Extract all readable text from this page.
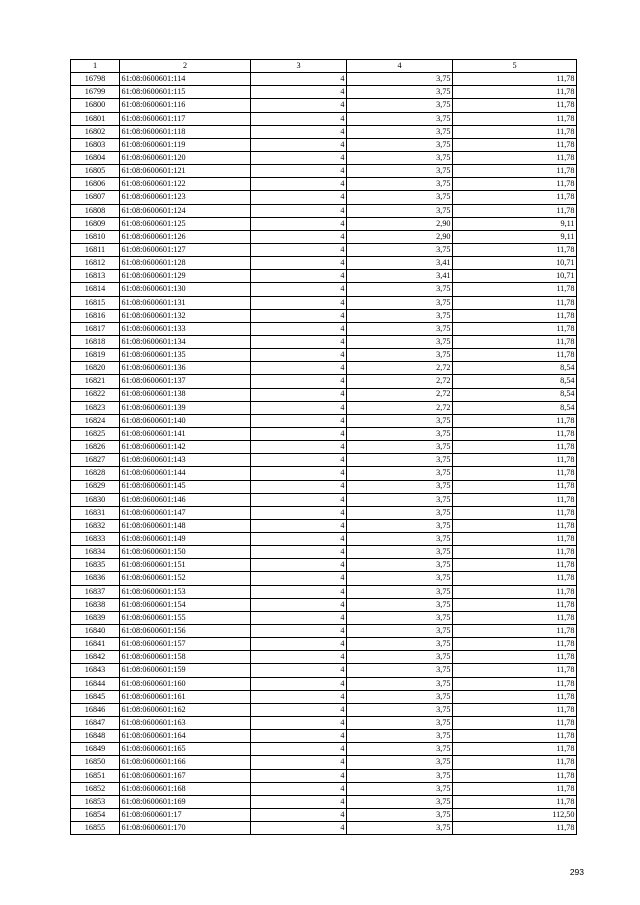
1	2	3	4	5
16798	61:08:0600601:114	4	3,75	11,78
16799	61:08:0600601:115	4	3,75	11,78
16800	61:08:0600601:116	4	3,75	11,78
16801	61:08:0600601:117	4	3,75	11,78
16802	61:08:0600601:118	4	3,75	11,78
16803	61:08:0600601:119	4	3,75	11,78
16804	61:08:0600601:120	4	3,75	11,78
16805	61:08:0600601:121	4	3,75	11,78
16806	61:08:0600601:122	4	3,75	11,78
16807	61:08:0600601:123	4	3,75	11,78
16808	61:08:0600601:124	4	3,75	11,78
16809	61:08:0600601:125	4	2,90	9,11
16810	61:08:0600601:126	4	2,90	9,11
16811	61:08:0600601:127	4	3,75	11,78
16812	61:08:0600601:128	4	3,41	10,71
16813	61:08:0600601:129	4	3,41	10,71
16814	61:08:0600601:130	4	3,75	11,78
16815	61:08:0600601:131	4	3,75	11,78
16816	61:08:0600601:132	4	3,75	11,78
16817	61:08:0600601:133	4	3,75	11,78
16818	61:08:0600601:134	4	3,75	11,78
16819	61:08:0600601:135	4	3,75	11,78
16820	61:08:0600601:136	4	2,72	8,54
16821	61:08:0600601:137	4	2,72	8,54
16822	61:08:0600601:138	4	2,72	8,54
16823	61:08:0600601:139	4	2,72	8,54
16824	61:08:0600601:140	4	3,75	11,78
16825	61:08:0600601:141	4	3,75	11,78
16826	61:08:0600601:142	4	3,75	11,78
16827	61:08:0600601:143	4	3,75	11,78
16828	61:08:0600601:144	4	3,75	11,78
16829	61:08:0600601:145	4	3,75	11,78
16830	61:08:0600601:146	4	3,75	11,78
16831	61:08:0600601:147	4	3,75	11,78
16832	61:08:0600601:148	4	3,75	11,78
16833	61:08:0600601:149	4	3,75	11,78
16834	61:08:0600601:150	4	3,75	11,78
16835	61:08:0600601:151	4	3,75	11,78
16836	61:08:0600601:152	4	3,75	11,78
16837	61:08:0600601:153	4	3,75	11,78
16838	61:08:0600601:154	4	3,75	11,78
16839	61:08:0600601:155	4	3,75	11,78
16840	61:08:0600601:156	4	3,75	11,78
16841	61:08:0600601:157	4	3,75	11,78
16842	61:08:0600601:158	4	3,75	11,78
16843	61:08:0600601:159	4	3,75	11,78
16844	61:08:0600601:160	4	3,75	11,78
16845	61:08:0600601:161	4	3,75	11,78
16846	61:08:0600601:162	4	3,75	11,78
16847	61:08:0600601:163	4	3,75	11,78
16848	61:08:0600601:164	4	3,75	11,78
16849	61:08:0600601:165	4	3,75	11,78
16850	61:08:0600601:166	4	3,75	11,78
16851	61:08:0600601:167	4	3,75	11,78
16852	61:08:0600601:168	4	3,75	11,78
16853	61:08:0600601:169	4	3,75	11,78
16854	61:08:0600601:17	4	3,75	112,50
16855	61:08:0600601:170	4	3,75	11,78
293
